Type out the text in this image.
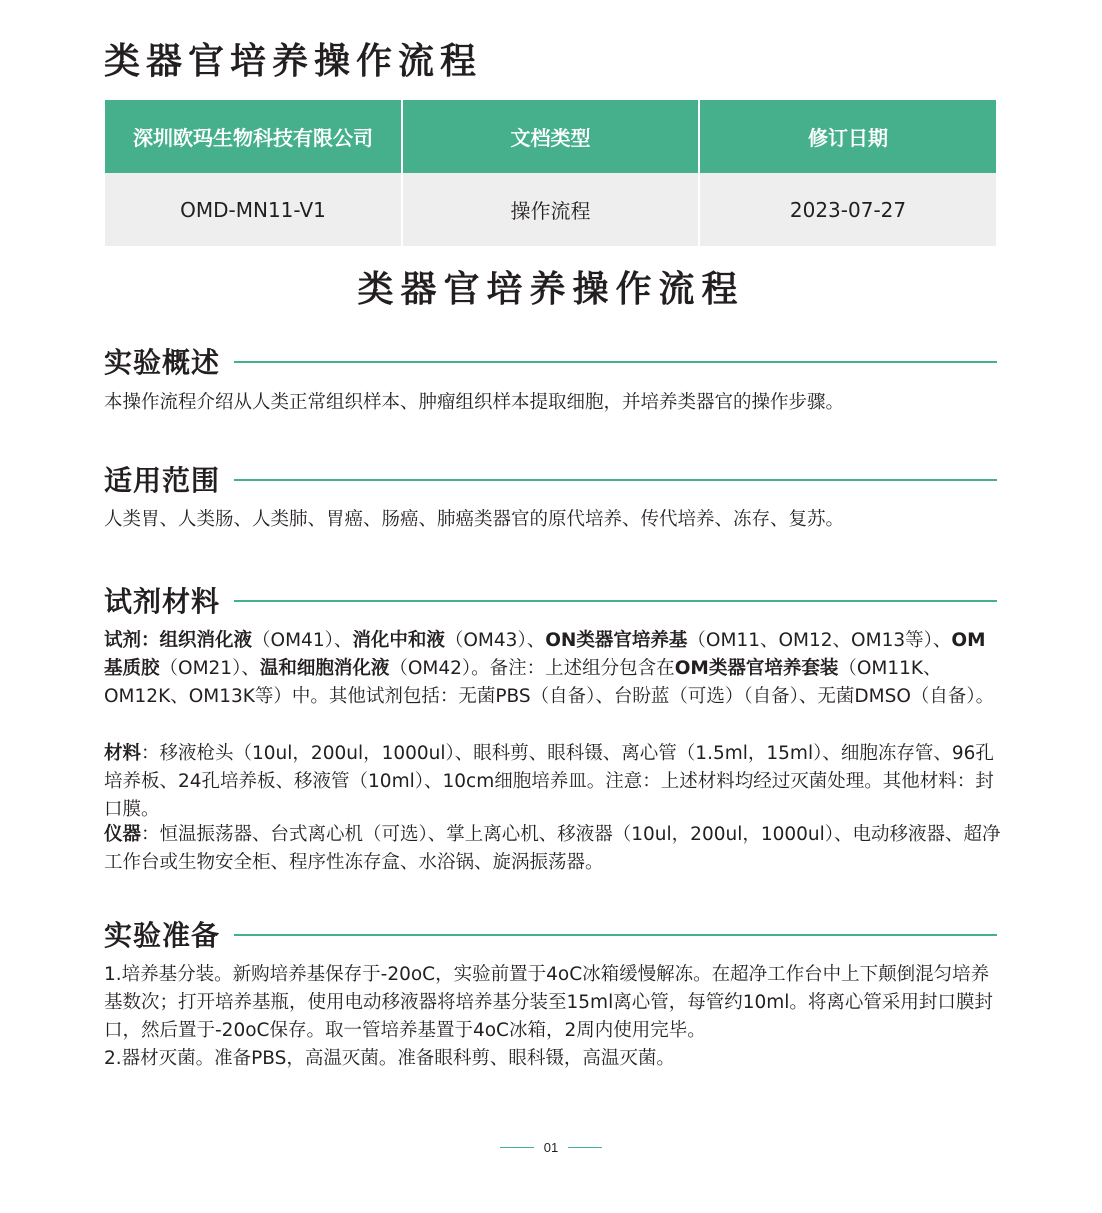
类器官培养操作流程
深圳欧玛生物科技有限公司	文档类型	修订日期
OMD-MN11-V1	操作流程	2023-07-27
类器官培养操作流程
实验概述

本操作流程介绍从人类正常组织样本、肿瘤组织样本提取细胞，并培养类器官的操作步骤。

适用范围

人类胃、人类肠、人类肺、胃癌、肠癌、肺癌类器官的原代培养、传代培养、冻存、复苏。

试剂材料

试剂：组织消化液（OM41）、消化中和液（OM43）、ON类器官培养基（OM11、OM12、OM13等）、OM基质胶（OM21）、温和细胞消化液（OM42）。备注：上述组分包含在OM类器官培养套装（OM11K、OM12K、OM13K等）中。其他试剂包括：无菌PBS（自备）、台盼蓝（可选）（自备）、无菌DMSO（自备）。

材料：移液枪头（10ul，200ul，1000ul）、眼科剪、眼科镊、离心管（1.5ml，15ml）、细胞冻存管、96孔培养板、24孔培养板、移液管（10ml）、10cm细胞培养皿。注意：上述材料均经过灭菌处理。其他材料：封口膜。

仪器：恒温振荡器、台式离心机（可选）、掌上离心机、移液器（10ul，200ul，1000ul）、电动移液器、超净工作台或生物安全柜、程序性冻存盒、水浴锅、旋涡振荡器。

实验准备

1.培养基分装。新购培养基保存于-20oC，实验前置于4oC冰箱缓慢解冻。在超净工作台中上下颠倒混匀培养基数次；打开培养基瓶，使用电动移液器将培养基分装至15ml离心管，每管约10ml。将离心管采用封口膜封口，然后置于-20oC保存。取一管培养基置于4oC冰箱，2周内使用完毕。
2.器材灭菌。准备PBS，高温灭菌。准备眼科剪、眼科镊，高温灭菌。

01
